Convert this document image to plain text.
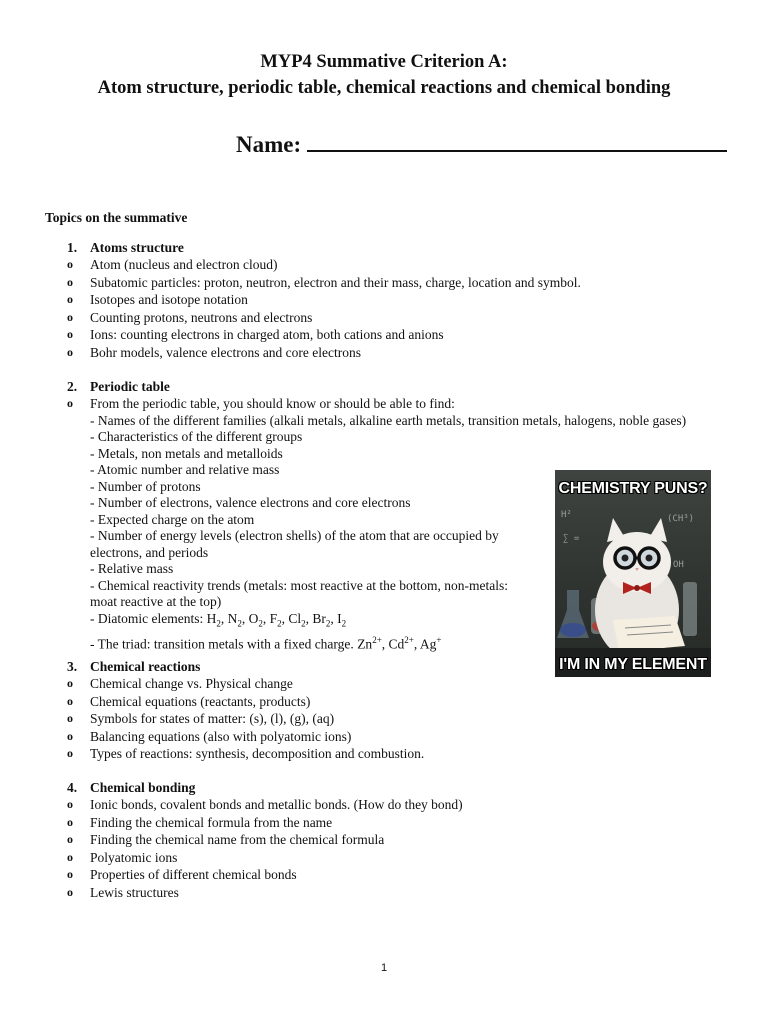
MYP4 Summative Criterion A:
Atom structure, periodic table, chemical reactions and chemical bonding
Name:
Topics on the summative
1. Atoms structure
o Atom (nucleus and electron cloud)
o Subatomic particles: proton, neutron, electron and their mass, charge, location and symbol.
o Isotopes and isotope notation
o Counting protons, neutrons and electrons
o Ions: counting electrons in charged atom, both cations and anions
o Bohr models, valence electrons and core electrons
2. Periodic table
o From the periodic table, you should know or should be able to find:
- Names of the different families (alkali metals, alkaline earth metals, transition metals, halogens, noble gases)
- Characteristics of the different groups
- Metals, non metals and metalloids
- Atomic number and relative mass
- Number of protons
- Number of electrons, valence electrons and core electrons
- Expected charge on the atom
- Number of energy levels (electron shells) of the atom that are occupied by electrons, and periods
- Relative mass
- Chemical reactivity trends (metals: most reactive at the bottom, non-metals: moat reactive at the top)
- Diatomic elements: $H_2$, $N_2$, $O_2$, $F_2$, $Cl_2$, $Br_2$, $I_2$
- The triad: transition metals with a fixed charge. $Zn^{2+}$, $Cd^{2+}$, Ag+
3. Chemical reactions
o Chemical change vs. Physical change
o Chemical equations (reactants, products)
o Symbols for states of matter: (s), (l), (g), (aq)
o Balancing equations (also with polyatomic ions)
o Types of reactions: synthesis, decomposition and combustion.
4. Chemical bonding
o Ionic bonds, covalent bonds and metallic bonds. (How do they bond)
o Finding the chemical formula from the name
o Finding the chemical name from the chemical formula
o Polyatomic ions
o Properties of different chemical bonds
o Lewis structures
H²	(CH³)
∑ =
OH
CHEMISTRY PUNS?
I'M IN MY ELEMENT
1
